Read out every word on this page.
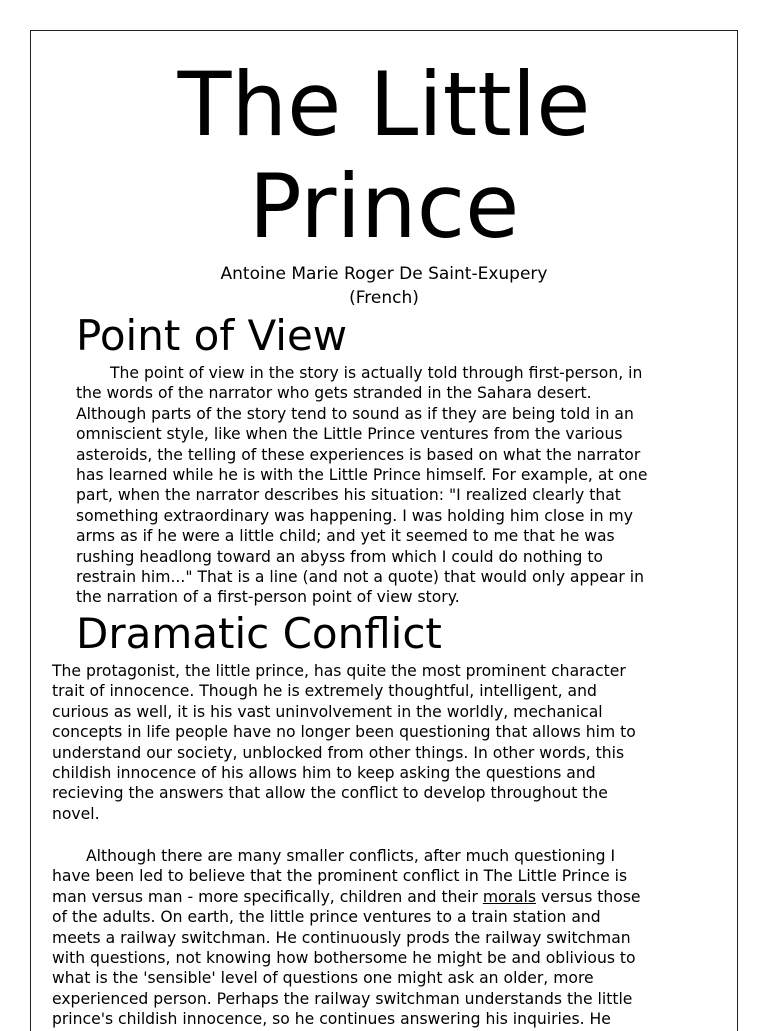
The Little
Prince
Antoine Marie Roger De Saint-Exupery
(French)
Point of View

The point of view in the story is actually told through first-person, in
the words of the narrator who gets stranded in the Sahara desert.
Although parts of the story tend to sound as if they are being told in an
omniscient style, like when the Little Prince ventures from the various
asteroids, the telling of these experiences is based on what the narrator
has learned while he is with the Little Prince himself. For example, at one
part, when the narrator describes his situation: "I realized clearly that
something extraordinary was happening. I was holding him close in my
arms as if he were a little child; and yet it seemed to me that he was
rushing headlong toward an abyss from which I could do nothing to
restrain him..." That is a line (and not a quote) that would only appear in
the narration of a first-person point of view story.

Dramatic Conflict

The protagonist, the little prince, has quite the most prominent character
trait of innocence. Though he is extremely thoughtful, intelligent, and
curious as well, it is his vast uninvolvement in the worldly, mechanical
concepts in life people have no longer been questioning that allows him to
understand our society, unblocked from other things. In other words, this
childish innocence of his allows him to keep asking the questions and
recieving the answers that allow the conflict to develop throughout the
novel.

Although there are many smaller conflicts, after much questioning I
have been led to believe that the prominent conflict in The Little Prince is
man versus man - more specifically, children and their morals versus those
of the adults. On earth, the little prince ventures to a train station and
meets a railway switchman. He continuously prods the railway switchman
with questions, not knowing how bothersome he might be and oblivious to
what is the 'sensible' level of questions one might ask an older, more
experienced person. Perhaps the railway switchman understands the little
prince's childish innocence, so he continues answering his inquiries. He
